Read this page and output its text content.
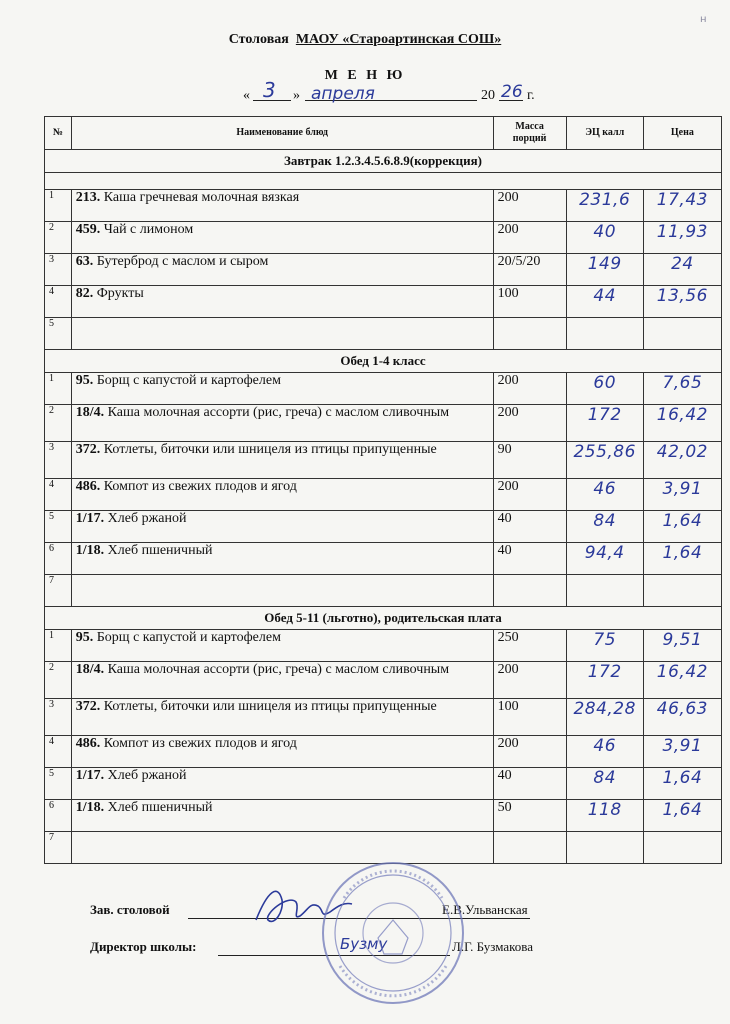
н
Столовая МАОУ «Староартинская СОШ»
М Е Н Ю
« 3 » апреля	20 26 г.
№	Наименование блюд	Масса порций	ЭЦ калл	Цена
Завтрак 1.2.3.4.5.6.8.9(коррекция)				

1	213. Каша гречневая молочная вязкая	200	231,6	17,43
2	459. Чай с лимоном	200	40	11,93
3	63. Бутерброд с маслом и сыром	20/5/20	149	24
4	82. Фрукты	100	44	13,56
5				
Обед 1-4 класс				
1	95. Борщ с капустой и картофелем	200	60	7,65
2	18/4. Каша молочная ассорти (рис, греча) с маслом сливочным	200	172	16,42
3	372. Котлеты, биточки или шницеля из птицы припущенные	90	255,86	42,02
4	486. Компот из свежих плодов и ягод	200	46	3,91
5	1/17. Хлеб ржаной	40	84	1,64
6	1/18. Хлеб пшеничный	40	94,4	1,64
7				
Обед 5-11 (льготно), родительская плата				
1	95. Борщ с капустой и картофелем	250	75	9,51
2	18/4. Каша молочная ассорти (рис, греча) с маслом сливочным	200	172	16,42
3	372. Котлеты, биточки или шницеля из птицы припущенные	100	284,28	46,63
4	486. Компот из свежих плодов и ягод	200	46	3,91
5	1/17. Хлеб ржаной	40	84	1,64
6	1/18. Хлеб пшеничный	50	118	1,64
7				
Зав. столовой	Е.В.Ульванская
Директор школы:	Бузму	Л.Г. Бузмакова
